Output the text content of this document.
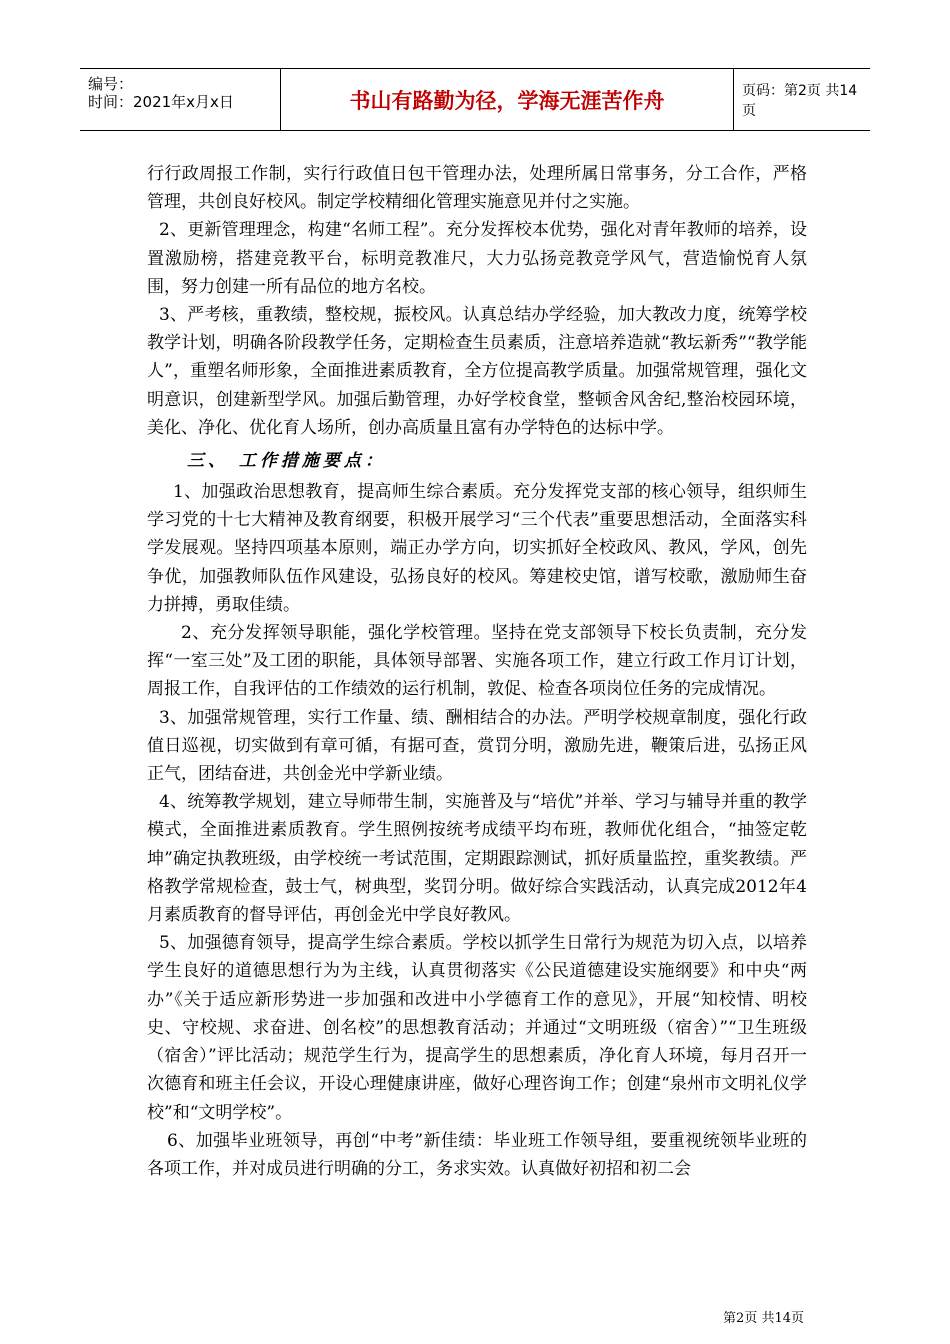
编号：
时间：2021年x月x日	书山有路勤为径，学海无涯苦作舟	页码：第2页 共14页

行行政周报工作制，实行行政值日包干管理办法，处理所属日常事务，分工合作，严格管理，共创良好校风。制定学校精细化管理实施意见并付之实施。

2、更新管理理念，构建“名师工程”。充分发挥校本优势，强化对青年教师的培养，设置激励榜，搭建竞教平台，标明竞教准尺，大力弘扬竞教竞学风气，营造愉悦育人氛围，努力创建一所有品位的地方名校。

3、严考核，重教绩，整校规，振校风。认真总结办学经验，加大教改力度，统筹学校教学计划，明确各阶段教学任务，定期检查生员素质，注意培养造就“教坛新秀”“教学能人”，重塑名师形象，全面推进素质教育，全方位提高教学质量。加强常规管理，强化文明意识，创建新型学风。加强后勤管理，办好学校食堂，整顿舍风舍纪,整治校园环境，美化、净化、优化育人场所，创办高质量且富有办学特色的达标中学。

三、 工作措施要点：

1、加强政治思想教育，提高师生综合素质。充分发挥党支部的核心领导，组织师生学习党的十七大精神及教育纲要，积极开展学习“三个代表”重要思想活动，全面落实科学发展观。坚持四项基本原则，端正办学方向，切实抓好全校政风、教风，学风，创先争优，加强教师队伍作风建设，弘扬良好的校风。筹建校史馆，谱写校歌，激励师生奋力拼搏，勇取佳绩。

2、充分发挥领导职能，强化学校管理。坚持在党支部领导下校长负责制，充分发挥“一室三处”及工团的职能，具体领导部署、实施各项工作，建立行政工作月订计划，周报工作，自我评估的工作绩效的运行机制，敦促、检查各项岗位任务的完成情况。

3、加强常规管理，实行工作量、绩、酬相结合的办法。严明学校规章制度，强化行政值日巡视，切实做到有章可循，有据可查，赏罚分明，激励先进，鞭策后进，弘扬正风正气，团结奋进，共创金光中学新业绩。

4、统筹教学规划，建立导师带生制，实施普及与“培优”并举、学习与辅导并重的教学模式，全面推进素质教育。学生照例按统考成绩平均布班，教师优化组合，“抽签定乾坤”确定执教班级，由学校统一考试范围，定期跟踪测试，抓好质量监控，重奖教绩。严格教学常规检查，鼓士气，树典型，奖罚分明。做好综合实践活动，认真完成2012年4月素质教育的督导评估，再创金光中学良好教风。

5、加强德育领导，提高学生综合素质。学校以抓学生日常行为规范为切入点，以培养学生良好的道德思想行为为主线，认真贯彻落实《公民道德建设实施纲要》和中央“两办”《关于适应新形势进一步加强和改进中小学德育工作的意见》，开展“知校情、明校史、守校规、求奋进、创名校”的思想教育活动；并通过“文明班级（宿舍）”“卫生班级（宿舍）”评比活动；规范学生行为，提高学生的思想素质，净化育人环境，每月召开一次德育和班主任会议，开设心理健康讲座，做好心理咨询工作；创建“泉州市文明礼仪学校”和“文明学校”。

6、加强毕业班领导，再创“中考”新佳绩：毕业班工作领导组，要重视统领毕业班的各项工作，并对成员进行明确的分工，务求实效。认真做好初招和初二会

第2页 共14页
